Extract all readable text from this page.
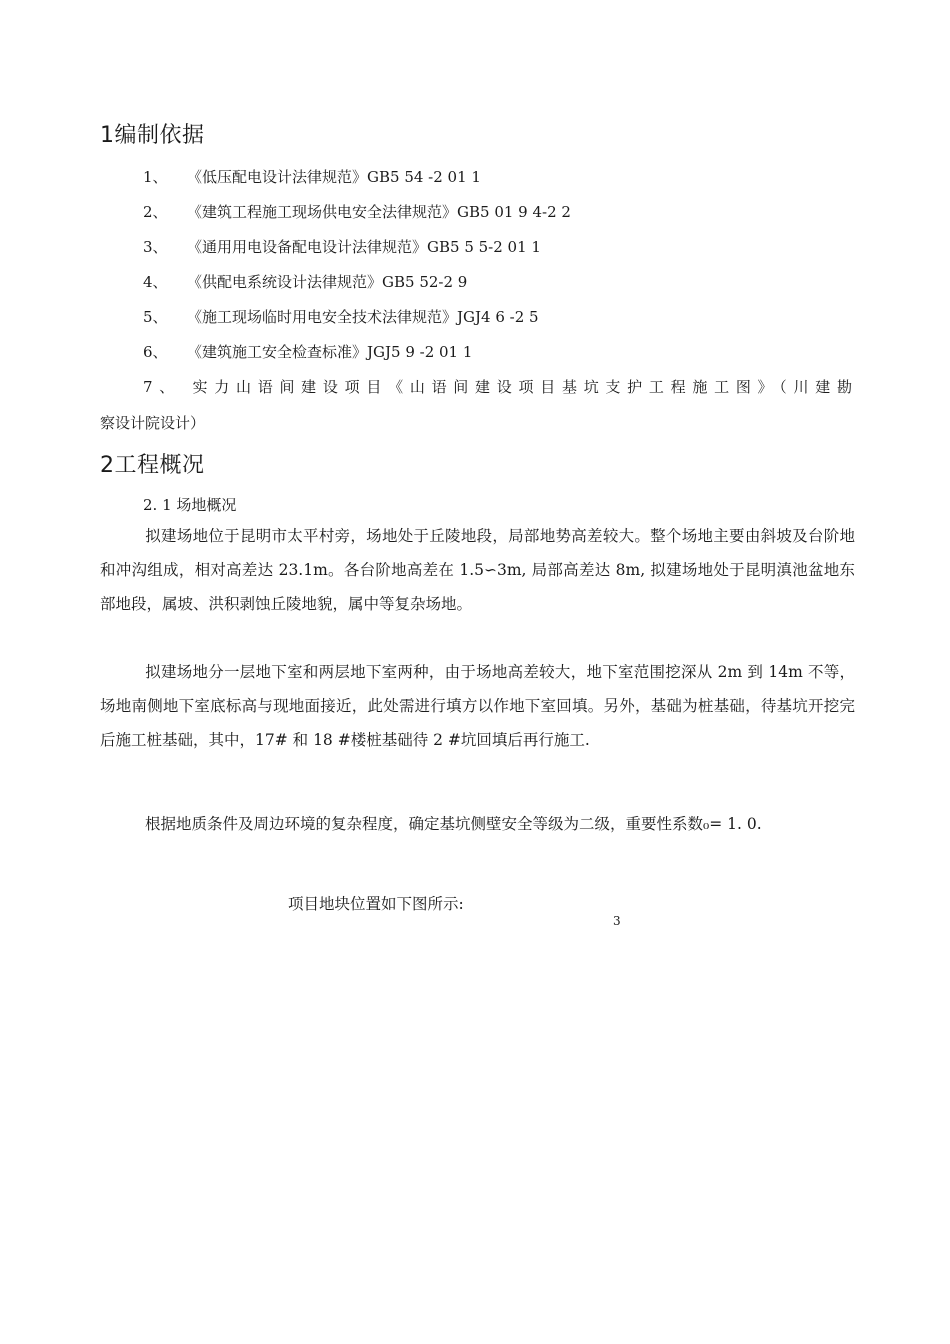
1编制依据
1、 《低压配电设计法律规范》GB5 54 -2 01 1
2、 《建筑工程施工现场供电安全法律规范》GB5 01 9 4-2 2
3、 《通用用电设备配电设计法律规范》GB5 5 5-2 01 1
4、 《供配电系统设计法律规范》GB5 52-2 9
5、 《施工现场临时用电安全技术法律规范》JGJ4 6 -2 5
6、 《建筑施工安全检查标准》JGJ5 9 -2 01 1
7、 实力山语间建设项目《山语间建设项目基坑支护工程施工图》（川建勘
察设计院设计）
2工程概况
2. 1 场地概况

拟建场地位于昆明市太平村旁，场地处于丘陵地段，局部地势高差较大。整个场地主要由斜坡及台阶地和冲沟组成，相对高差达 23.1m。各台阶地高差在 1.5∽3m, 局部高差达 8m, 拟建场地处于昆明滇池盆地东部地段，属坡、洪积剥蚀丘陵地貌，属中等复杂场地。

拟建场地分一层地下室和两层地下室两种，由于场地高差较大，地下室范围挖深从 2m 到 14m 不等，场地南侧地下室底标高与现地面接近，此处需进行填方以作地下室回填。另外，基础为桩基础，待基坑开挖完后施工桩基础，其中，17# 和 18 #楼桩基础待 2 #坑回填后再行施工.

根据地质条件及周边环境的复杂程度，确定基坑侧壁安全等级为二级，重要性系数₀= 1. 0.

项目地块位置如下图所示:
3
